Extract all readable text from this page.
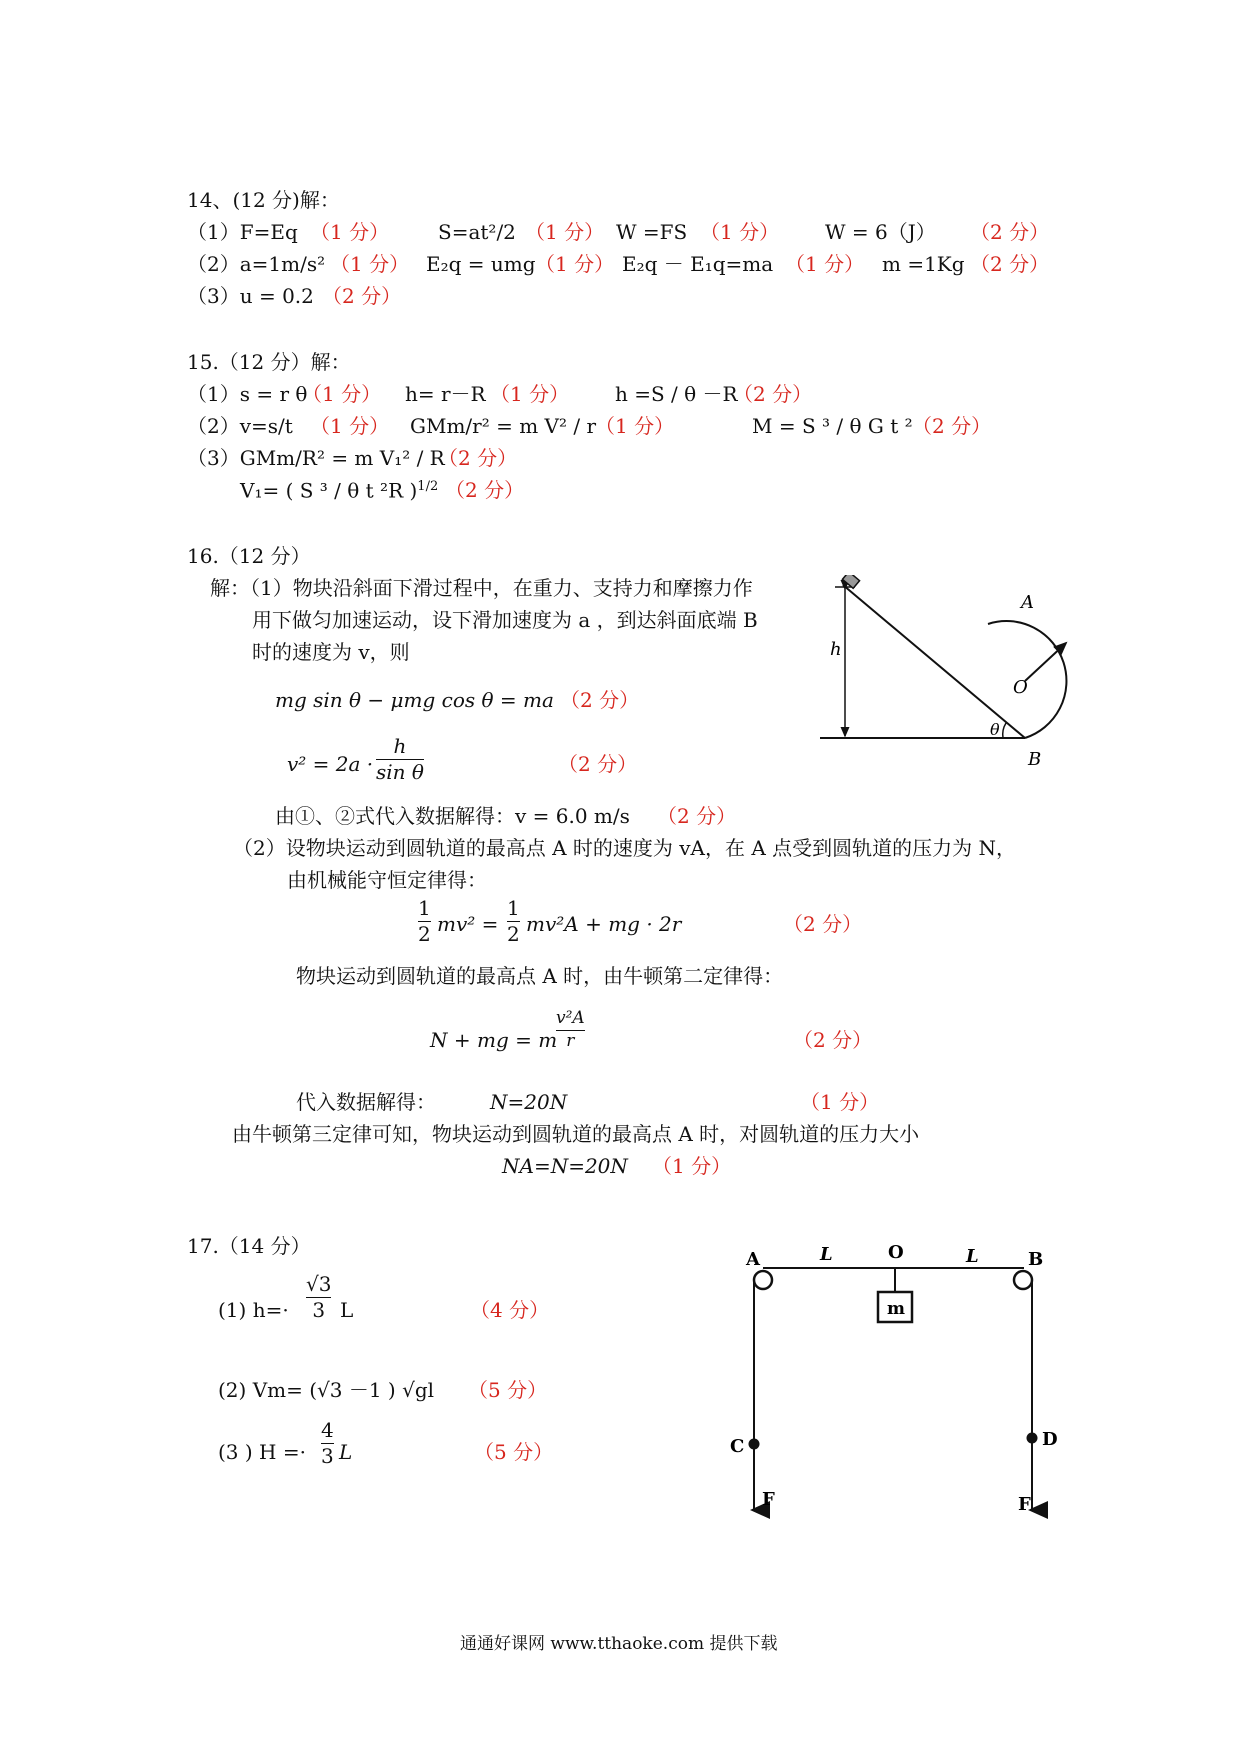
14、(12 分)解：
（1）F=Eq （1 分） S=at²/2 （1 分） W =FS （1 分） W = 6（J） （2 分）
（2）a=1m/s² （1 分） E₂q = umg （1 分） E₂q － E₁q=ma （1 分） m =1Kg （2 分）
（3）u = 0.2 （2 分）
15.（12 分）解：
（1）s = r θ
（1 分） h= r－R （1 分） h =S / θ －R
（2 分）
（2）v=s/t （1 分） GMm/r² = m V² / r
（1 分）	M = S ³ / θ G t ² （2 分）
（3）GMm/R² = m V₁² / R
（2 分）
V₁= ( S ³ / θ t ²R )$^{1/2}$ （2 分）
16.（12 分）
解：（1）物块沿斜面下滑过程中，在重力、支持力和摩擦力作
用下做匀加速运动，设下滑加速度为 a ，到达斜面底端 B
时的速度为 v，则
mg sin θ − μmg cos θ = ma （2 分）
v² = 2a ·
h
sin θ	（2 分）
由①、②式代入数据解得：v = 6.0 m/s （2 分）
（2）设物块运动到圆轨道的最高点 A 时的速度为 vA，在 A 点受到圆轨道的压力为 N，
由机械能守恒定律得：
1
2 mv² =
1
2 mv²A + mg · 2r	（2 分）
物块运动到圆轨道的最高点 A 时，由牛顿第二定律得：
N + mg = m
v²A
r	（2 分）
代入数据解得：	N=20N	（1 分）
由牛顿第三定律可知，物块运动到圆轨道的最高点 A 时，对圆轨道的压力大小
NA=N=20N （1 分）
h
θ
A
O
B
17.（14 分）
(1) h=·
√3
3 L	（4 分）
(2) Vm= (√3 －1 ) √gl （5 分）
(3 ) H =·
4
3 L	（5 分）
A	L	O	L	B
m
C	D
F	F
通通好课网 www.tthaoke.com 提供下载
